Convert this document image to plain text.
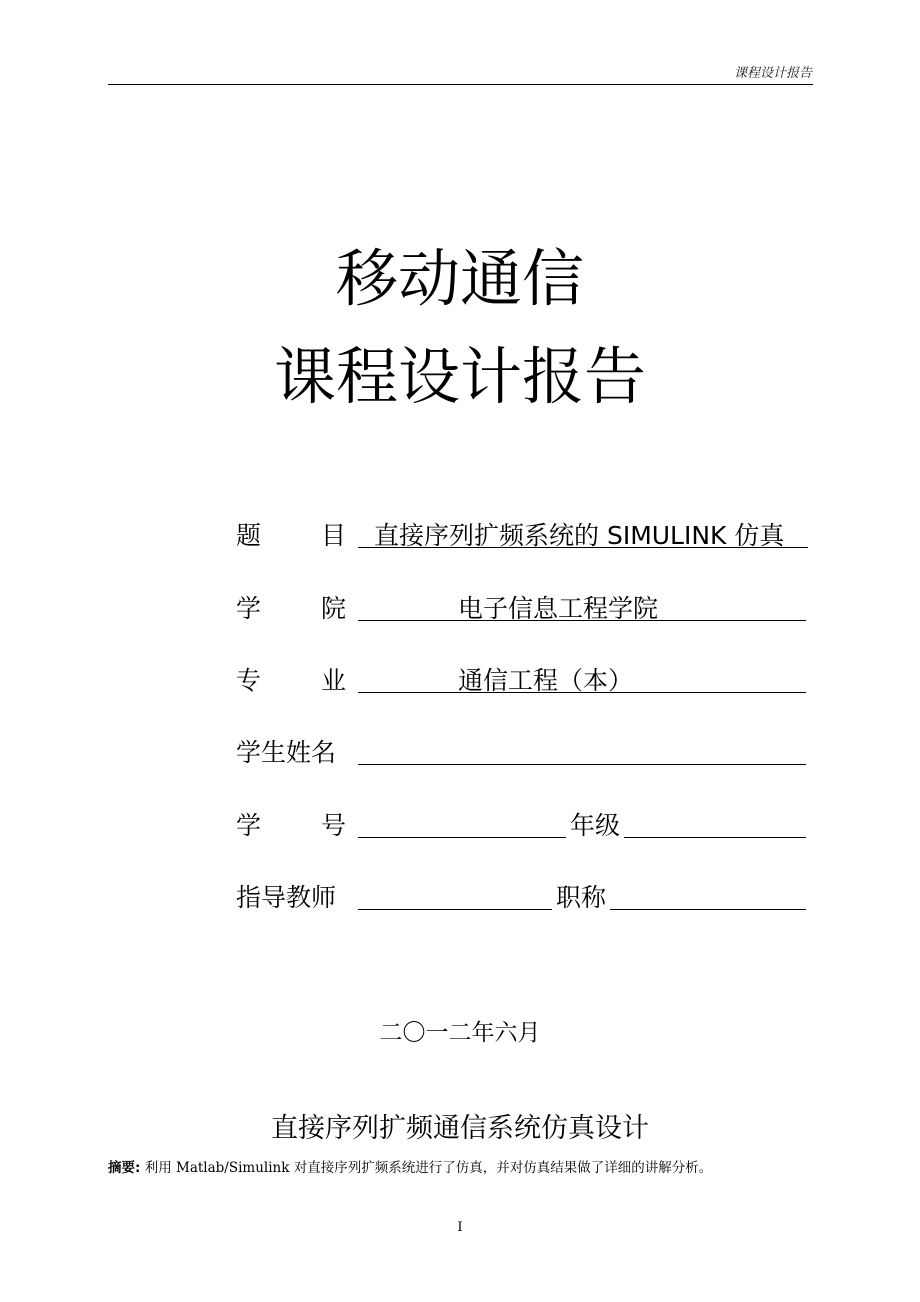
课程设计报告
移动通信
课程设计报告
题 目 直接序列扩频系统的 SIMULINK 仿真
学 院	电子信息工程学院
专 业	通信工程（本）
学生姓名
学 号	年级
指导教师	职称
二〇一二年六月
直接序列扩频通信系统仿真设计
摘要: 利用 Matlab/Simulink 对直接序列扩频系统进行了仿真，并对仿真结果做了详细的讲解分析。
I
